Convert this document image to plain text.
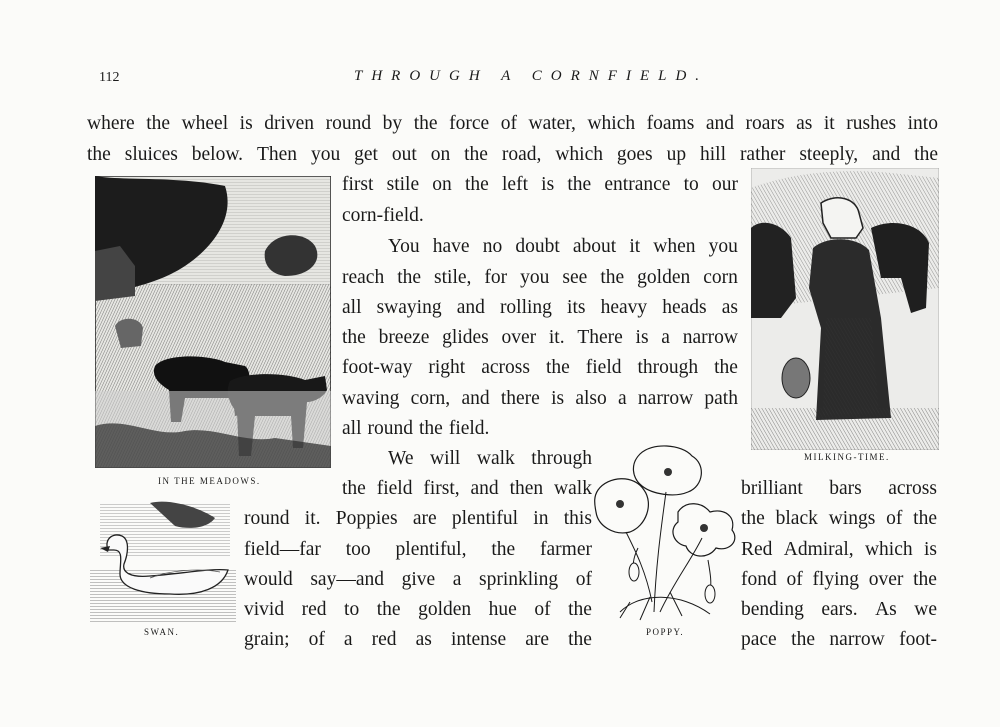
112	THROUGH A CORNFIELD.
where the wheel is driven round by the force of water, which foams and roars as it rushes into
the sluices below. Then you get out on the road, which goes up hill rather steeply, and the
first stile on the left is the entrance to our
corn-field.
You have no doubt about it when you
reach the stile, for you see the golden corn
all swaying and rolling its heavy heads as
the breeze glides over it. There is a narrow
foot-way right across the field through the
waving corn, and there is also a narrow path
all round the field.
We will walk through
the field first, and then walk	brilliant bars across
round it. Poppies are plentiful in this	the black wings of the
field—far too plentiful, the farmer	Red Admiral, which is
would say—and give a sprinkling of	fond of flying over the
vivid red to the golden hue of the	bending ears. As we
grain; of a red as intense are the	pace the narrow foot-
IN THE MEADOWS.
MILKING-TIME.
SWAN.	POPPY.
